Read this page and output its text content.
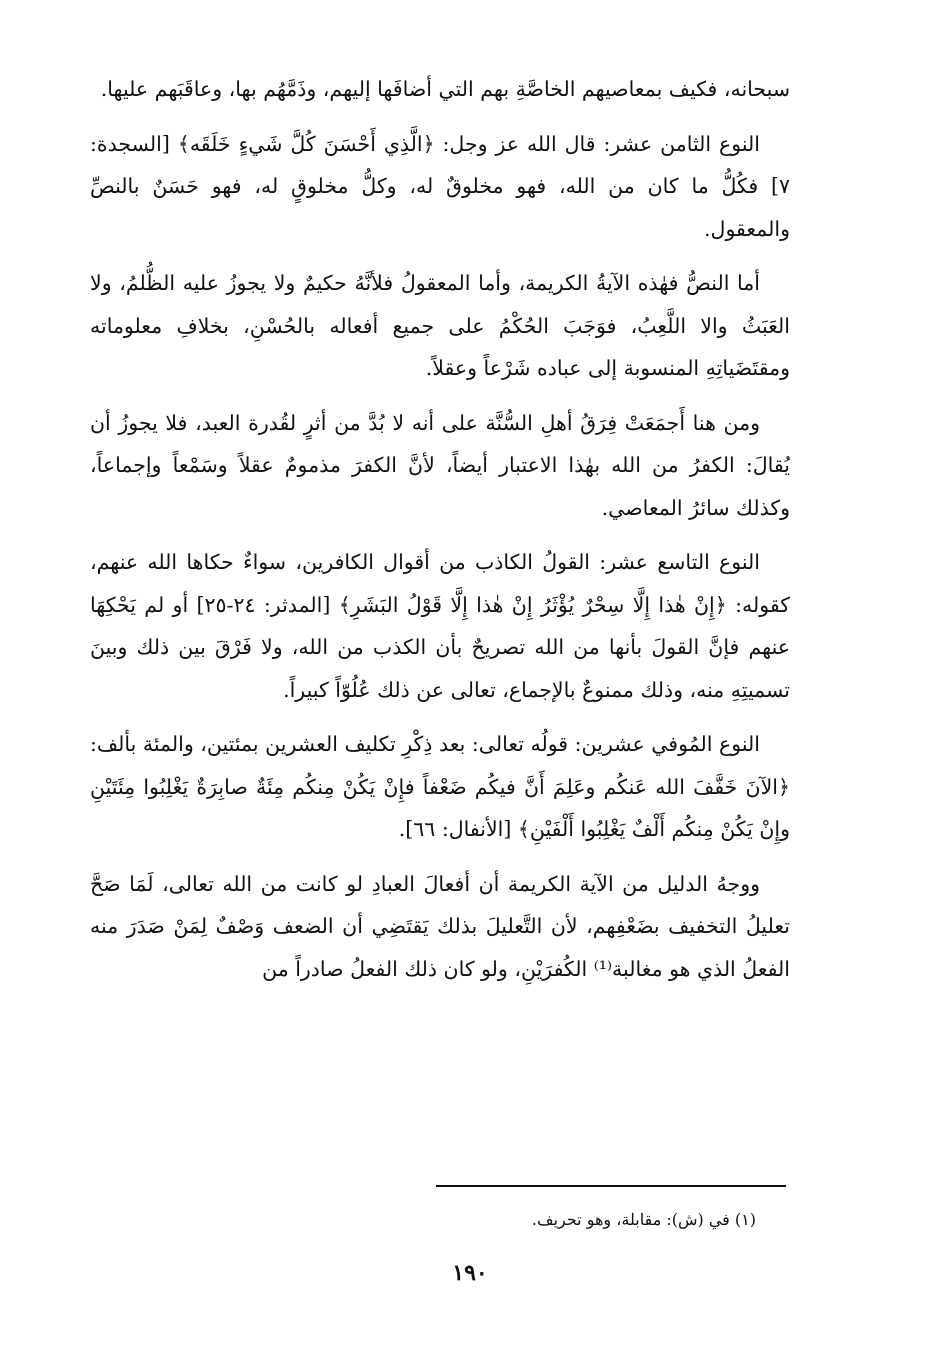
سبحانه، فكيف بمعاصيهم الخاصَّةِ بهم التي أضافَها إليهم، وذَمَّهُم بها، وعاقَبَهم عليها.

النوع الثامن عشر: قال الله عز وجل: ﴿الَّذِي أَحْسَنَ كُلَّ شَيءٍ خَلَقَه﴾ [السجدة: ٧] فكُلُّ ما كان من الله، فهو مخلوقٌ له، وكلُّ مخلوقٍ له، فهو حَسَنٌ بالنصِّ والمعقول.

أما النصُّ فهٰذه الآيةُ الكريمة، وأما المعقولُ فلأنَّهُ حكيمٌ ولا يجوزُ عليه الظُّلمُ، ولا العَبَثُ والا اللَّعِبُ، فوَجَبَ الحُكْمُ على جميع أفعاله بالحُسْنِ، بخلافِ معلوماته ومقتَضَياتِهِ المنسوبة إلى عباده شَرْعاً وعقلاً.

ومن هنا أَجمَعَتْ فِرَقُ أهلِ السُّنَّة على أنه لا بُدَّ من أثرٍ لقُدرة العبد، فلا يجوزُ أن يُقالَ: الكفرُ من الله بهٰذا الاعتبار أيضاً، لأنَّ الكفرَ مذمومٌ عقلاً وسَمْعاً وإجماعاً، وكذلك سائرُ المعاصي.

النوع التاسع عشر: القولُ الكاذب من أقوال الكافرين، سواءٌ حكاها الله عنهم، كقوله: ﴿إِنْ هٰذا إِلَّا سِحْرٌ يُؤْثَرُ إِنْ هٰذا إِلَّا قَوْلُ البَشَرِ﴾ [المدثر: ٢٤-٢٥] أو لم يَحْكِهَا عنهم فإنَّ القولَ بأنها من الله تصريحٌ بأن الكذب من الله، ولا فَرْقَ بين ذلك وبينَ تسميتِهِ منه، وذلك ممنوعٌ بالإجماع، تعالى عن ذلك عُلُوّاً كبيراً.

النوع المُوفي عشرين: قولُه تعالى: بعد ذِكْرِ تكليف العشرين بمئتين، والمئة بألف: ﴿الآنَ خَفَّفَ الله عَنكُم وعَلِمَ أَنَّ فيكُم ضَعْفاً فإِنْ يَكُنْ مِنكُم مِئَةٌ صابِرَةٌ يَغْلِبُوا مِئَتَيْنِ وإِنْ يَكُنْ مِنكُم أَلْفٌ يَغْلِبُوا أَلْفَيْنِ﴾ [الأنفال: ٦٦].

ووجهُ الدليل من الآية الكريمة أن أفعالَ العبادِ لو كانت من الله تعالى، لَمَا صَحَّ تعليلُ التخفيف بضَعْفِهم، لأن التَّعليلَ بذلك يَقتَضِي أن الضعف وَصْفٌ لِمَنْ صَدَرَ منه الفعلُ الذي هو مغالبة⁽¹⁾ الكُفرَيْنِ، ولو كان ذلك الفعلُ صادراً من

(١) في (ش): مقابلة، وهو تحريف.
١٩٠
